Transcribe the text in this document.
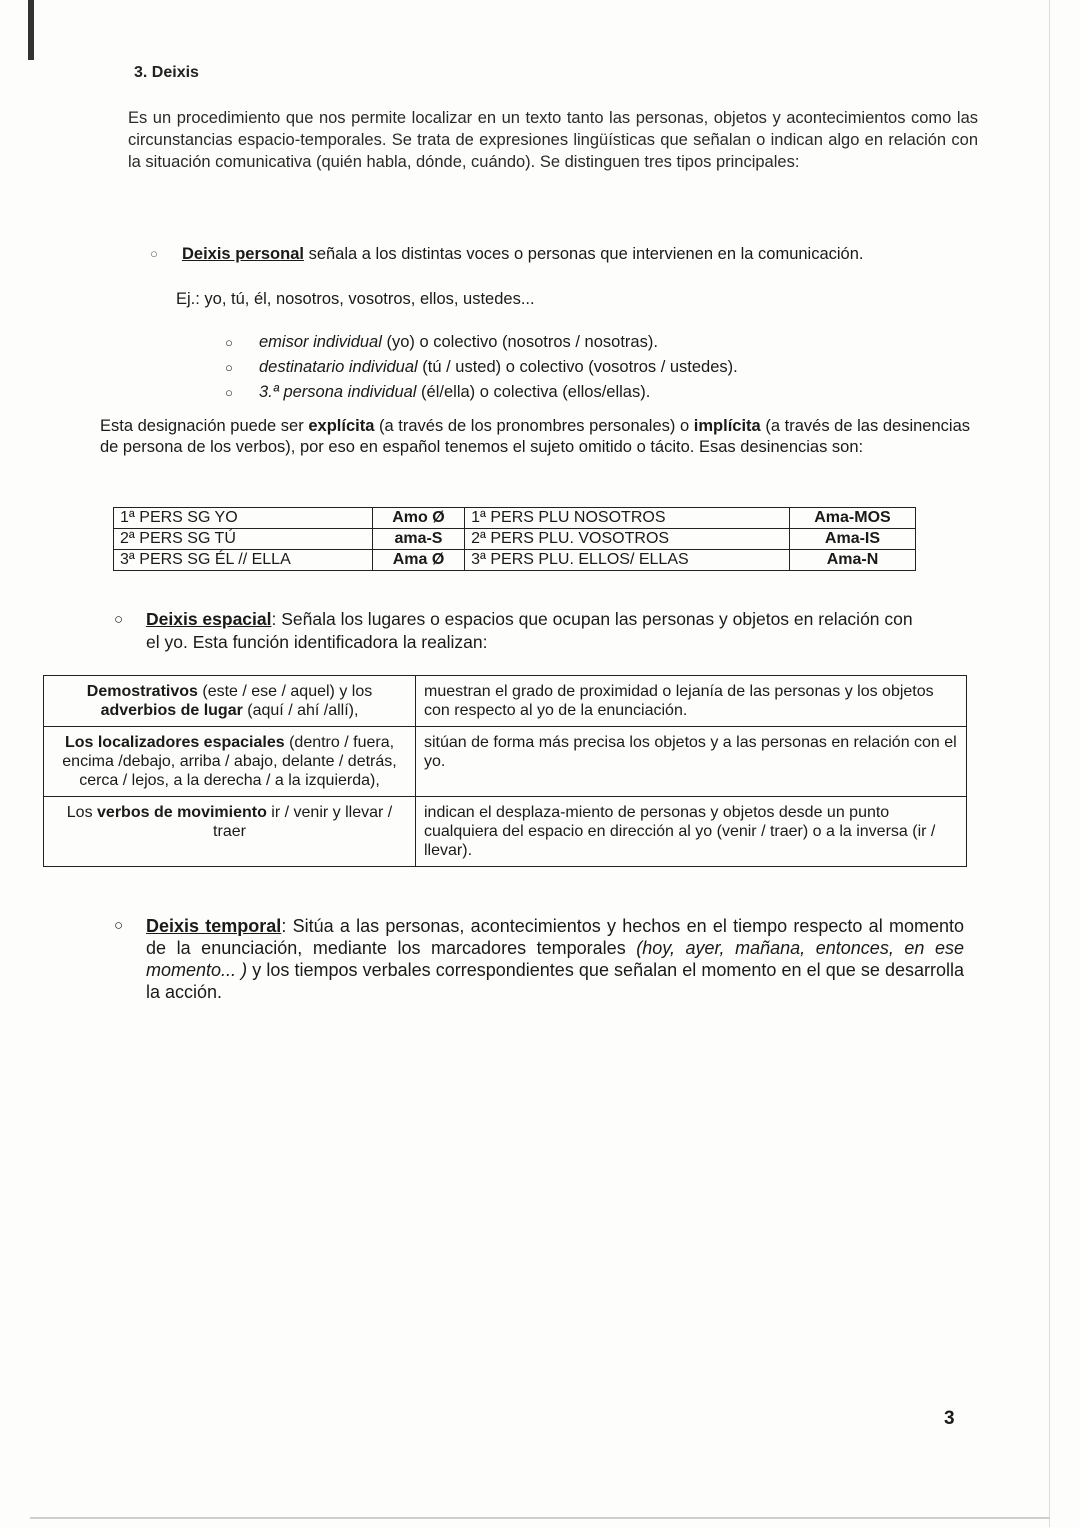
3. Deixis
Es un procedimiento que nos permite localizar en un texto tanto las personas, objetos y acontecimientos como las circunstancias espacio-temporales. Se trata de expresiones lingüísticas que señalan o indican algo en relación con la situación comunicativa (quién habla, dónde, cuándo). Se distinguen tres tipos principales:
○ Deixis personal señala a los distintas voces o personas que intervienen en la comunicación.
Ej.: yo, tú, él, nosotros, vosotros, ellos, ustedes...
○ emisor individual (yo) o colectivo (nosotros / nosotras).
○ destinatario individual (tú / usted) o colectivo (vosotros / ustedes).
○ 3.ª persona individual (él/ella) o colectiva (ellos/ellas).
Esta designación puede ser explícita (a través de los pronombres personales) o implícita (a través de las desinencias de persona de los verbos), por eso en español tenemos el sujeto omitido o tácito. Esas desinencias son:
1ª PERS SG YO	Amo Ø	1ª PERS PLU NOSOTROS	Ama-MOS
2ª PERS SG TÚ	ama-S	2ª PERS PLU. VOSOTROS	Ama-IS
3ª PERS SG ÉL // ELLA	Ama Ø	3ª PERS PLU. ELLOS/ ELLAS	Ama-N
○ Deixis espacial: Señala los lugares o espacios que ocupan las personas y objetos en relación con el yo. Esta función identificadora la realizan:
Demostrativos (este / ese / aquel) y los adverbios de lugar (aquí / ahí /allí),	muestran el grado de proximidad o lejanía de las personas y los objetos con respecto al yo de la enunciación.
Los localizadores espaciales (dentro / fuera, encima /debajo, arriba / abajo, delante / detrás, cerca / lejos, a la derecha / a la izquierda),	sitúan de forma más precisa los objetos y a las personas en relación con el yo.
Los verbos de movimiento ir / venir y llevar / traer	indican el desplaza-miento de personas y objetos desde un punto cualquiera del espacio en dirección al yo (venir / traer) o a la inversa (ir / llevar).
○ Deixis temporal: Sitúa a las personas, acontecimientos y hechos en el tiempo respecto al momento de la enunciación, mediante los marcadores temporales (hoy, ayer, mañana, entonces, en ese momento... ) y los tiempos verbales correspondientes que señalan el momento en el que se desarrolla la acción.
3
